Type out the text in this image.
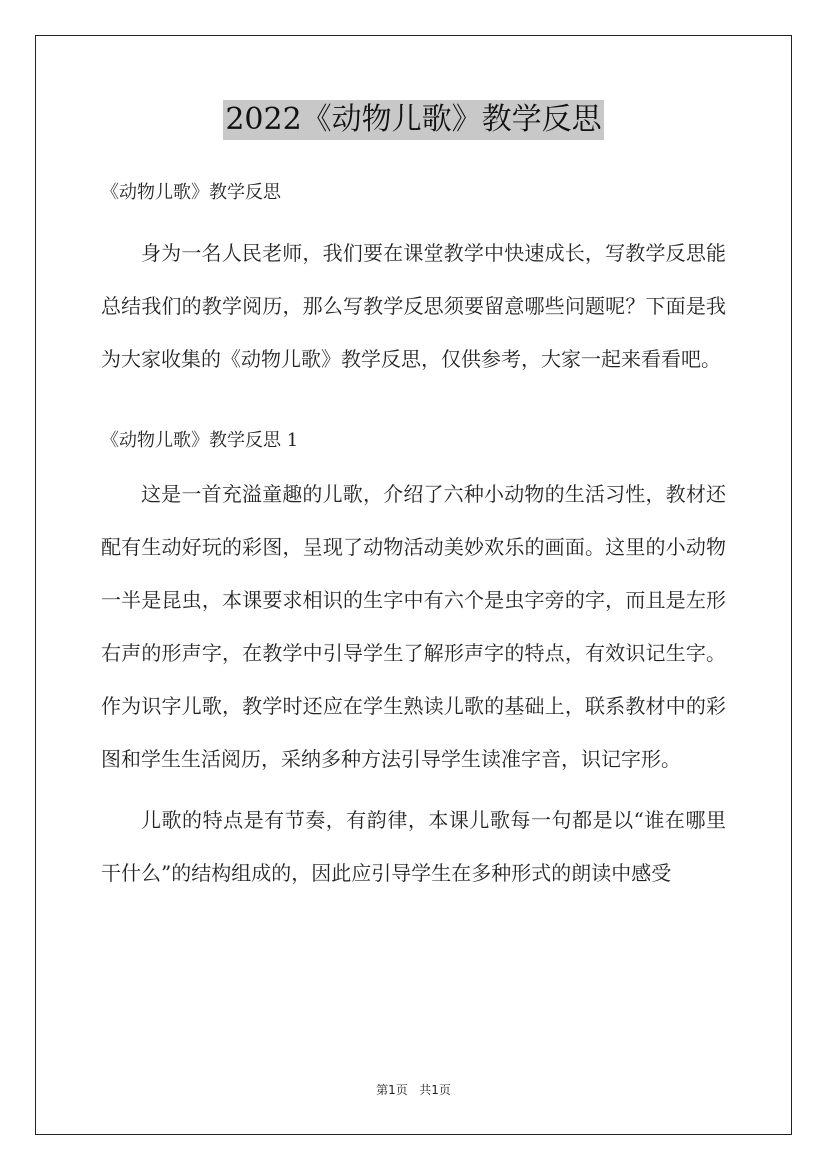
2022《动物儿歌》教学反思

《动物儿歌》教学反思

身为一名人民老师，我们要在课堂教学中快速成长，写教学反思能总结我们的教学阅历，那么写教学反思须要留意哪些问题呢？下面是我为大家收集的《动物儿歌》教学反思，仅供参考，大家一起来看看吧。

《动物儿歌》教学反思 1

这是一首充溢童趣的儿歌，介绍了六种小动物的生活习性，教材还配有生动好玩的彩图，呈现了动物活动美妙欢乐的画面。这里的小动物一半是昆虫，本课要求相识的生字中有六个是虫字旁的字，而且是左形右声的形声字，在教学中引导学生了解形声字的特点，有效识记生字。作为识字儿歌，教学时还应在学生熟读儿歌的基础上，联系教材中的彩图和学生生活阅历，采纳多种方法引导学生读准字音，识记字形。

儿歌的特点是有节奏，有韵律，本课儿歌每一句都是以“谁在哪里干什么”的结构组成的，因此应引导学生在多种形式的朗读中感受

第1页 共1页
